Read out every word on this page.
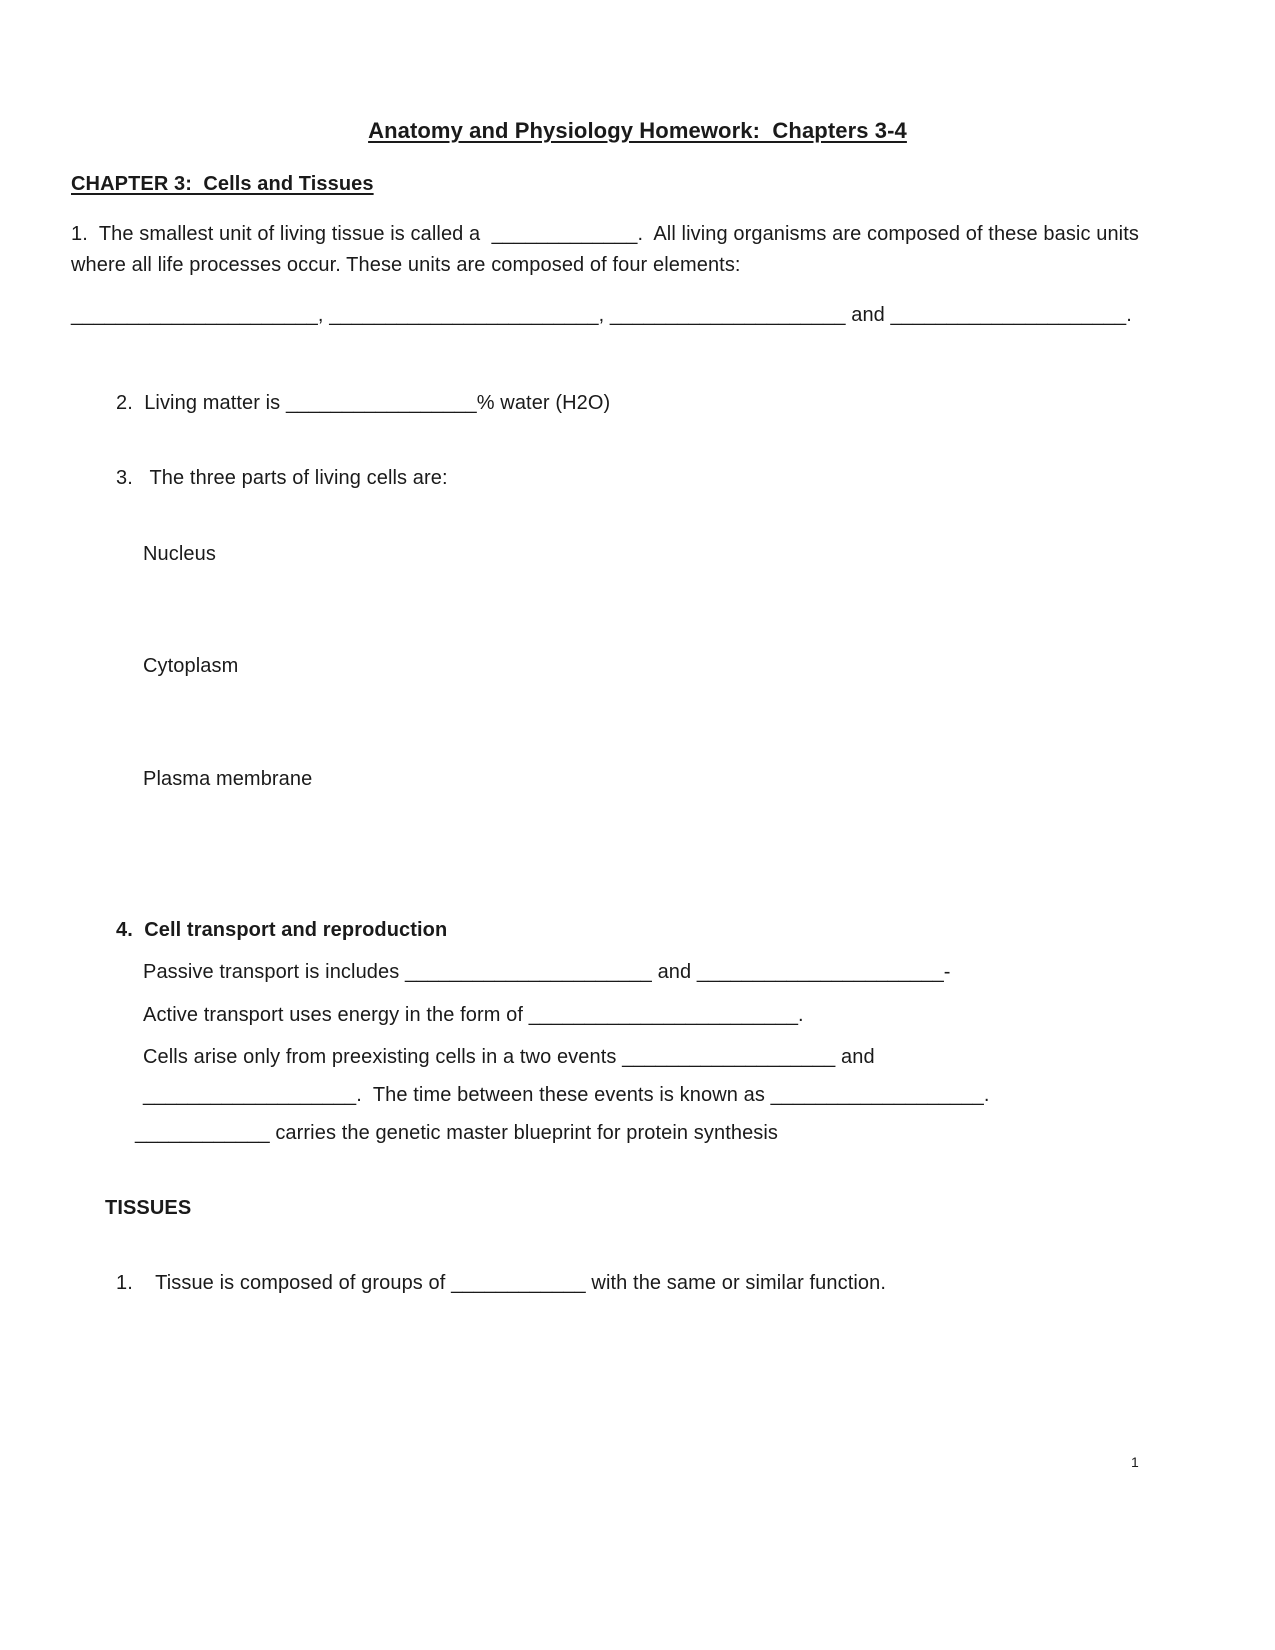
Anatomy and Physiology Homework:  Chapters 3-4
CHAPTER 3:  Cells and Tissues
1.  The smallest unit of living tissue is called a  _____________.  All living organisms are composed of these basic units
where all life processes occur. These units are composed of four elements:
______________________, ________________________, _____________________ and _____________________.
2.  Living matter is _________________% water (H2O)
3.   The three parts of living cells are:
Nucleus
Cytoplasm
Plasma membrane
4.  Cell transport and reproduction
Passive transport is includes ______________________ and ______________________-
Active transport uses energy in the form of ________________________.
Cells arise only from preexisting cells in a two events ___________________ and
___________________.  The time between these events is known as ___________________.
____________ carries the genetic master blueprint for protein synthesis
TISSUES
1.    Tissue is composed of groups of ____________ with the same or similar function.
1
